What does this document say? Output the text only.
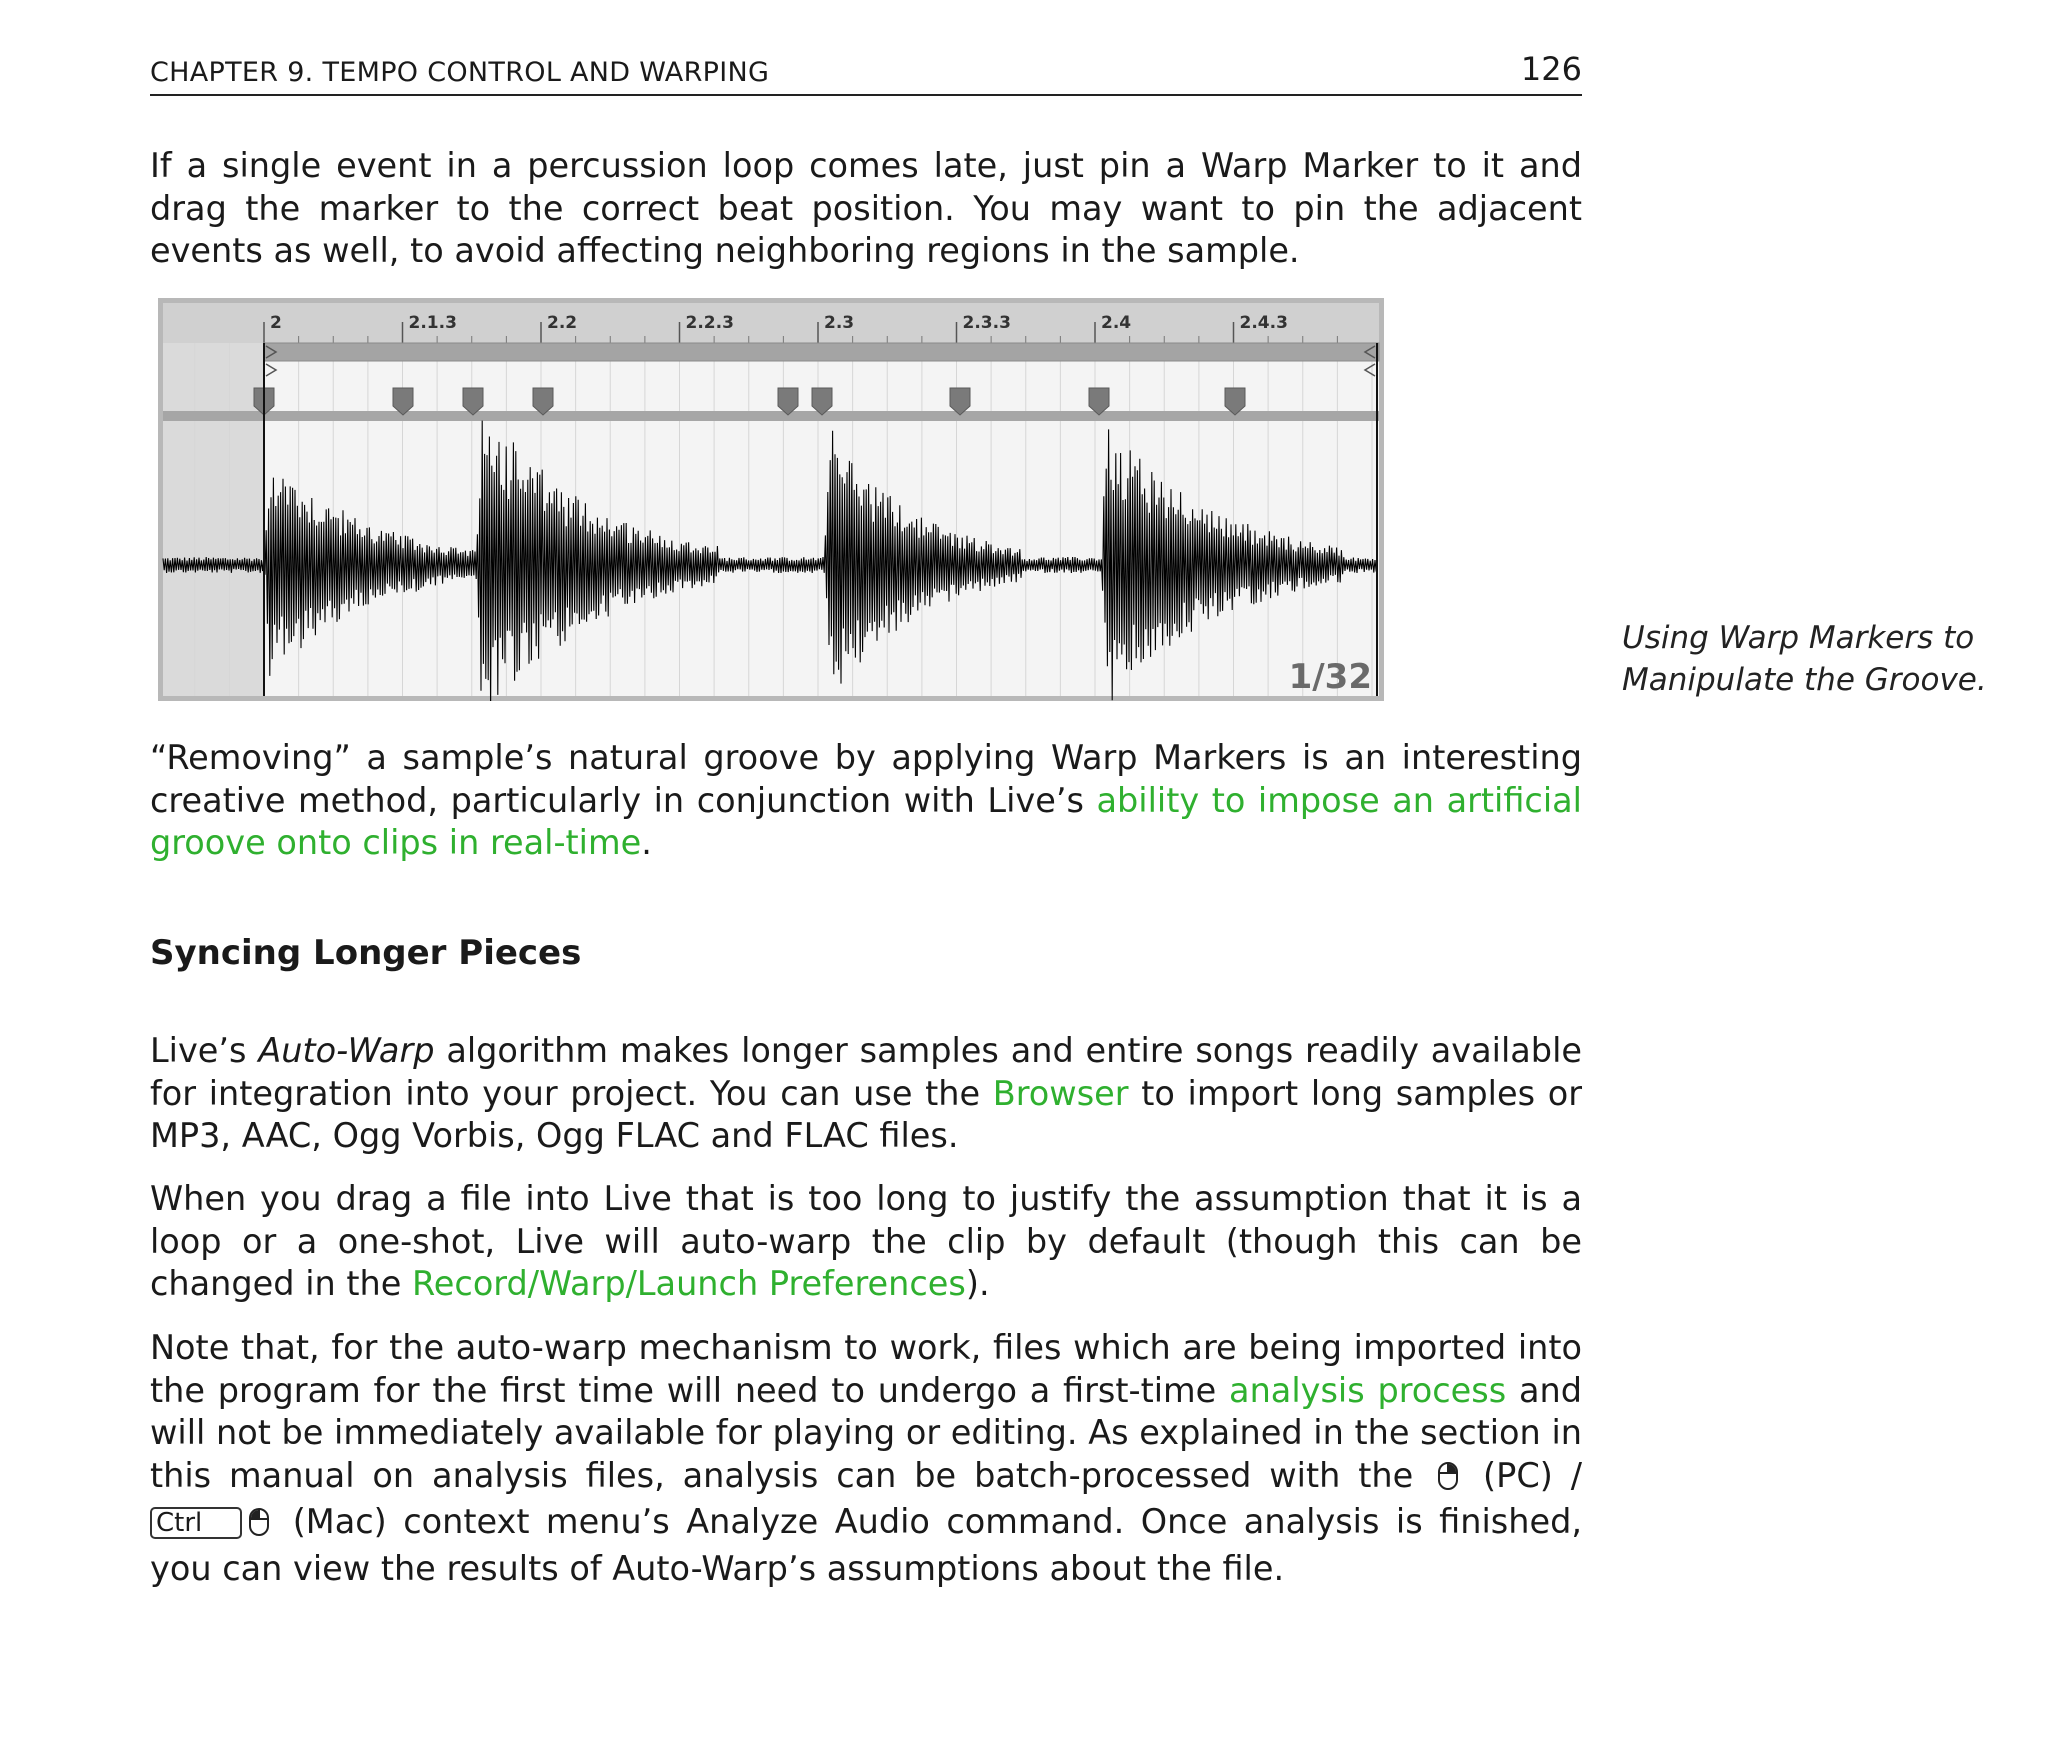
CHAPTER 9. TEMPO CONTROL AND WARPING	126

If a single event in a percussion loop comes late, just pin a Warp Marker to it and drag the marker to the correct beat position. You may want to pin the adjacent events as well, to avoid affecting neighboring regions in the sample.

2	2.1.3	2.2	2.2.3	2.3	2.3.3	2.4	2.4.3
1/32

Using Warp Markers to Manipulate the Groove.

“Removing” a sample’s natural groove by applying Warp Markers is an interesting creative method, particularly in conjunction with Live’s ability to impose an artificial groove onto clips in real-time.

Syncing Longer Pieces

Live’s Auto-Warp algorithm makes longer samples and entire songs readily available for integration into your project. You can use the Browser to import long samples or MP3, AAC, Ogg Vorbis, Ogg FLAC and FLAC files.

When you drag a file into Live that is too long to justify the assumption that it is a loop or a one-shot, Live will auto-warp the clip by default (though this can be changed in the Record/Warp/Launch Preferences).

Note that, for the auto-warp mechanism to work, files which are being imported into the program for the first time will need to undergo a first-time analysis process and will not be immediately available for playing or editing. As explained in the section in this manual on analysis files, analysis can be batch-processed with the  (PC) / Ctrl (Mac) context menu’s Analyze Audio command. Once analysis is finished, you can view the results of Auto-Warp’s assumptions about the file.
